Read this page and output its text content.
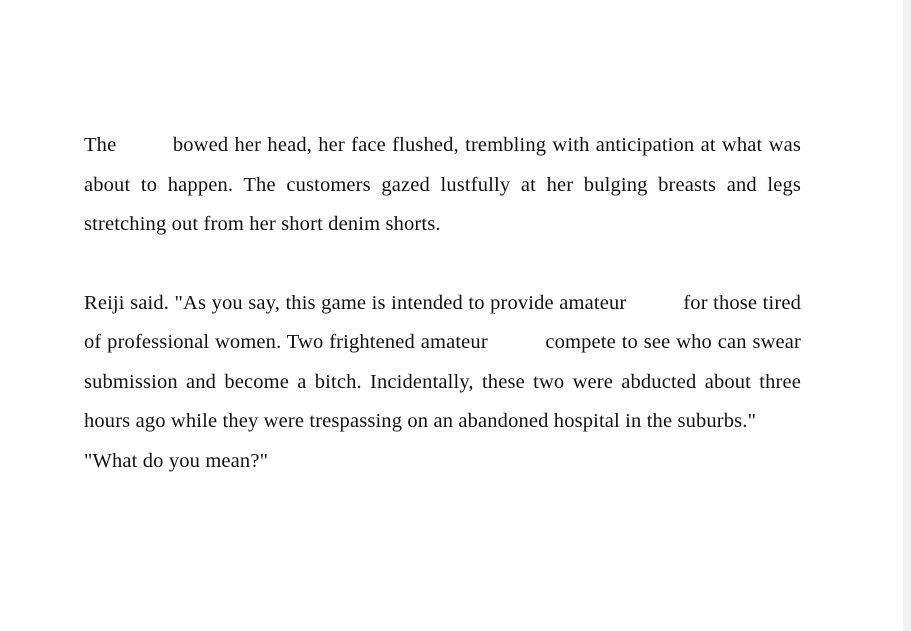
The  bowed her head, her face flushed, trembling with anticipation at what was about to happen. The customers gazed lustfully at her bulging breasts and legs stretching out from her short denim shorts.

Reiji said. "As you say, this game is intended to provide amateur  for those tired of professional women. Two frightened amateur  compete to see who can swear submission and become a bitch. Incidentally, these two were abducted about three hours ago while they were trespassing on an abandoned hospital in the suburbs."

"What do you mean?"
